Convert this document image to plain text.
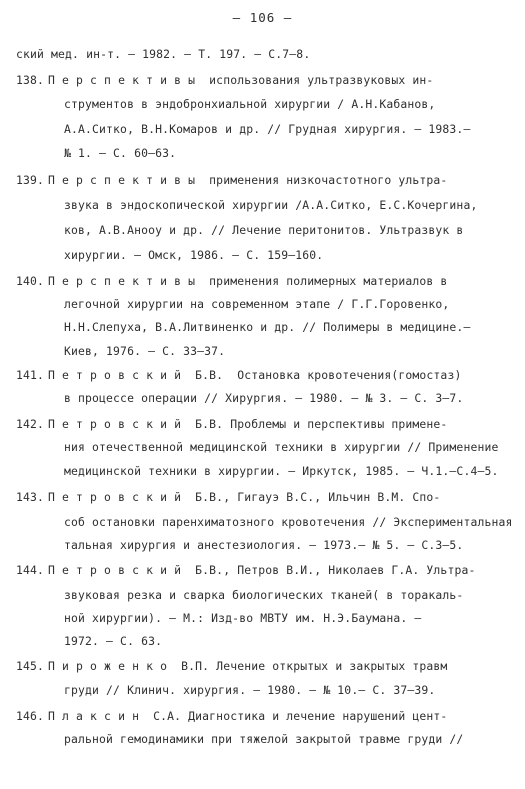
– 106 –
ский мед. ин-т. – 1982. – Т. 197. – С.7–8.
138. П е р с п е к т и в ы  использования ультразвуковых ин-
струментов в эндобронхиальной хирургии / А.Н.Кабанов,
А.А.Ситко, В.Н.Комаров и др. // Грудная хирургия. – 1983.–
№ 1. – С. 60–63.
139. П е р с п е к т и в ы  применения низкочастотного ультра-
звука в эндоскопической хирургии /А.А.Ситко, Е.С.Кочергина,
ков, А.В.Анооу и др. // Лечение перитонитов. Ультразвук в
хирургии. – Омск, 1986. – С. 159–160.
140. П е р с п е к т и в ы  применения полимерных материалов в
легочной хирургии на современном этапе / Г.Г.Горовенко,
Н.Н.Слепуха, В.А.Литвиненко и др. // Полимеры в медицине.–
Киев, 1976. – С. 33–37.
141. П е т р о в с к и й  Б.В.  Остановка кровотечения(гомостаз)
в процессе операции // Хирургия. – 1980. – № 3. – С. 3–7.
142. П е т р о в с к и й  Б.В. Проблемы и перспективы примене-
ния отечественной медицинской техники в хирургии // Применение
медицинской техники в хирургии. – Иркутск, 1985. – Ч.1.–С.4–5.
143. П е т р о в с к и й  Б.В., Гигауэ В.С., Ильчин В.М. Спо-
соб остановки паренхиматозного кровотечения // Экспериментальная
тальная хирургия и анестезиология. – 1973.– № 5. – С.3–5.
144. П е т р о в с к и й  Б.В., Петров В.И., Николаев Г.А. Ультра-
звуковая резка и сварка биологических тканей( в торакаль-
ной хирургии). – М.: Изд-во МВТУ им. Н.Э.Баумана. –
1972. – С. 63.
145. П и р о ж е н к о  В.П. Лечение открытых и закрытых травм
груди // Клинич. хирургия. – 1980. – № 10.– С. 37–39.
146. П л а к с и н  С.А. Диагностика и лечение нарушений цент-
ральной гемодинамики при тяжелой закрытой травме груди //
